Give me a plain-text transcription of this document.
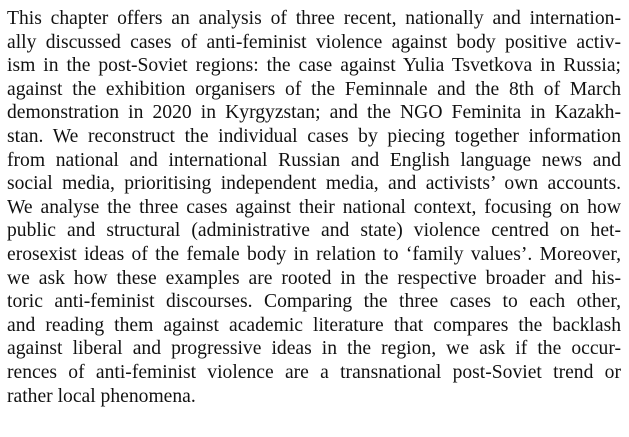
This chapter offers an analysis of three recent, nationally and internation-
ally discussed cases of anti-feminist violence against body positive activ-
ism in the post-Soviet regions: the case against Yulia Tsvetkova in Russia;
against the exhibition organisers of the Feminnale and the 8th of March
demonstration in 2020 in Kyrgyzstan; and the NGO Feminita in Kazakh-
stan. We reconstruct the individual cases by piecing together information
from national and international Russian and English language news and
social media, prioritising independent media, and activists’ own accounts.
We analyse the three cases against their national context, focusing on how
public and structural (administrative and state) violence centred on het-
erosexist ideas of the female body in relation to ‘family values’. Moreover,
we ask how these examples are rooted in the respective broader and his-
toric anti-feminist discourses. Comparing the three cases to each other,
and reading them against academic literature that compares the backlash
against liberal and progressive ideas in the region, we ask if the occur-
rences of anti-feminist violence are a transnational post-Soviet trend or
rather local phenomena.
